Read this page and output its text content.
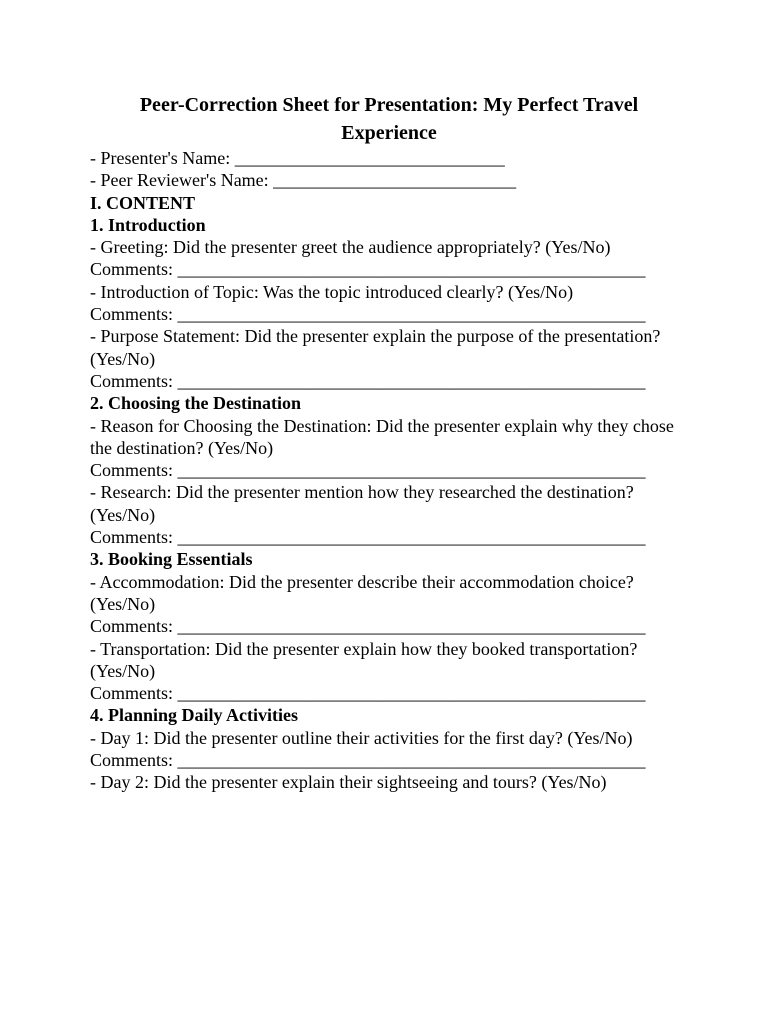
Peer-Correction Sheet for Presentation: My Perfect Travel Experience
- Presenter's Name: ______________________________
- Peer Reviewer's Name: ___________________________
I. CONTENT
1. Introduction
- Greeting: Did the presenter greet the audience appropriately? (Yes/No)
Comments: ____________________________________________________
- Introduction of Topic: Was the topic introduced clearly? (Yes/No)
Comments: ____________________________________________________
- Purpose Statement: Did the presenter explain the purpose of the presentation? (Yes/No)
Comments: ____________________________________________________
2. Choosing the Destination
- Reason for Choosing the Destination: Did the presenter explain why they chose the destination? (Yes/No)
Comments: ____________________________________________________
- Research: Did the presenter mention how they researched the destination? (Yes/No)
Comments: ____________________________________________________
3. Booking Essentials
- Accommodation: Did the presenter describe their accommodation choice? (Yes/No)
Comments: ____________________________________________________
- Transportation: Did the presenter explain how they booked transportation? (Yes/No)
Comments: ____________________________________________________
4. Planning Daily Activities
- Day 1: Did the presenter outline their activities for the first day? (Yes/No)
Comments: ____________________________________________________
- Day 2: Did the presenter explain their sightseeing and tours? (Yes/No)
